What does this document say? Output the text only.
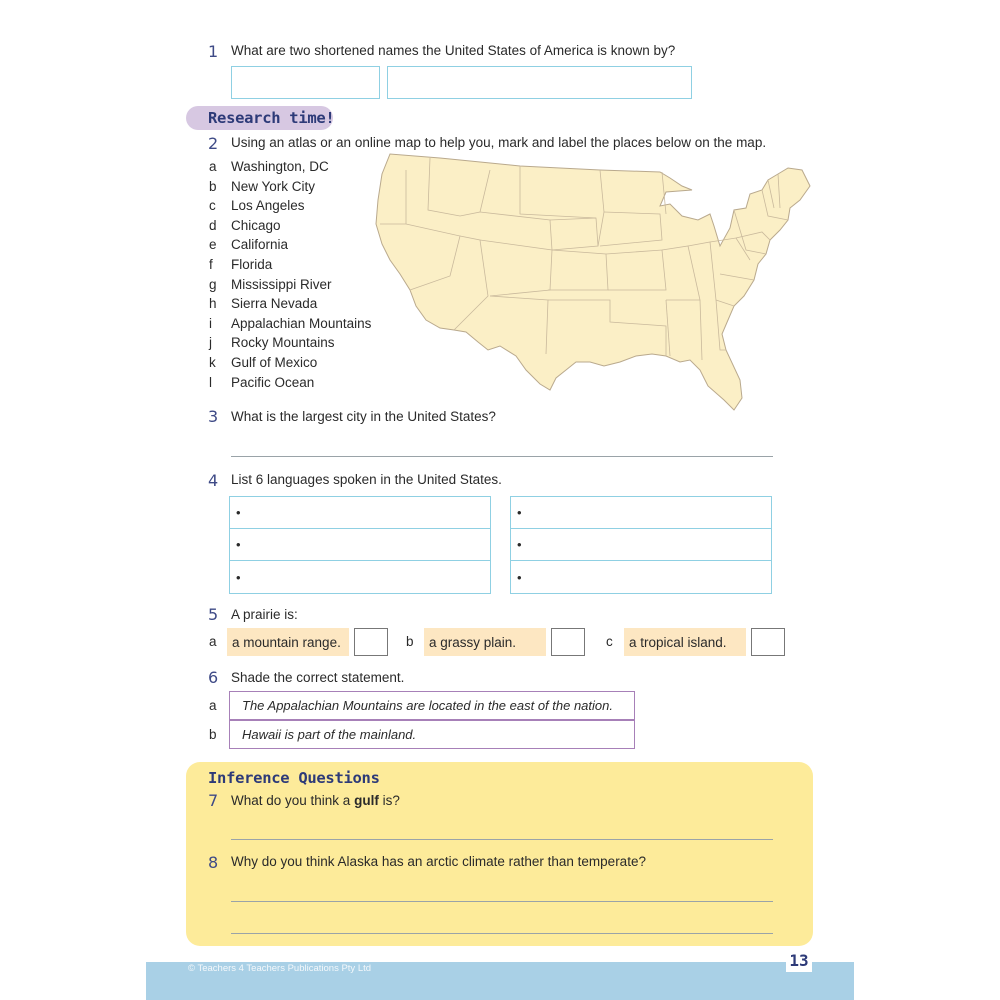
1 What are two shortened names the United States of America is known by?
Research time!
2 Using an atlas or an online map to help you, mark and label the places below on the map.
a Washington, DC
b New York City
c Los Angeles
d Chicago
e California
f Florida
g Mississippi River
h Sierra Nevada
i Appalachian Mountains
j Rocky Mountains
k Gulf of Mexico
l Pacific Ocean
3 What is the largest city in the United States?
4 List 6 languages spoken in the United States.
•
•
•
•
•
•
5 A prairie is:
a	a mountain range.	b	a grassy plain.	c	a tropical island.
6 Shade the correct statement.
a	The Appalachian Mountains are located in the east of the nation.
b	Hawaii is part of the mainland.
Inference Questions
7 What do you think a gulf is?
8 Why do you think Alaska has an arctic climate rather than temperate?
© Teachers 4 Teachers Publications Pty Ltd	13
